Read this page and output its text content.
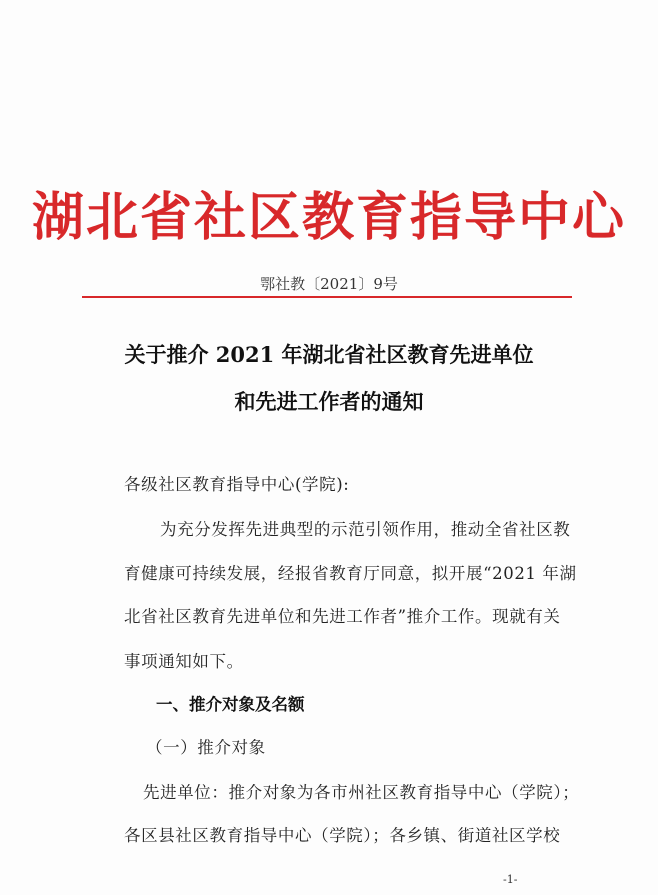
湖北省社区教育指导中心
鄂社教〔2021〕9号
关于推介 2021 年湖北省社区教育先进单位
和先进工作者的通知
各级社区教育指导中心(学院):
为充分发挥先进典型的示范引领作用，推动全省社区教
育健康可持续发展，经报省教育厅同意，拟开展“2021 年湖
北省社区教育先进单位和先进工作者”推介工作。现就有关
事项通知如下。
一、推介对象及名额
（一）推介对象
先进单位：推介对象为各市州社区教育指导中心（学院）；
各区县社区教育指导中心（学院）；各乡镇、街道社区学校
-1-
